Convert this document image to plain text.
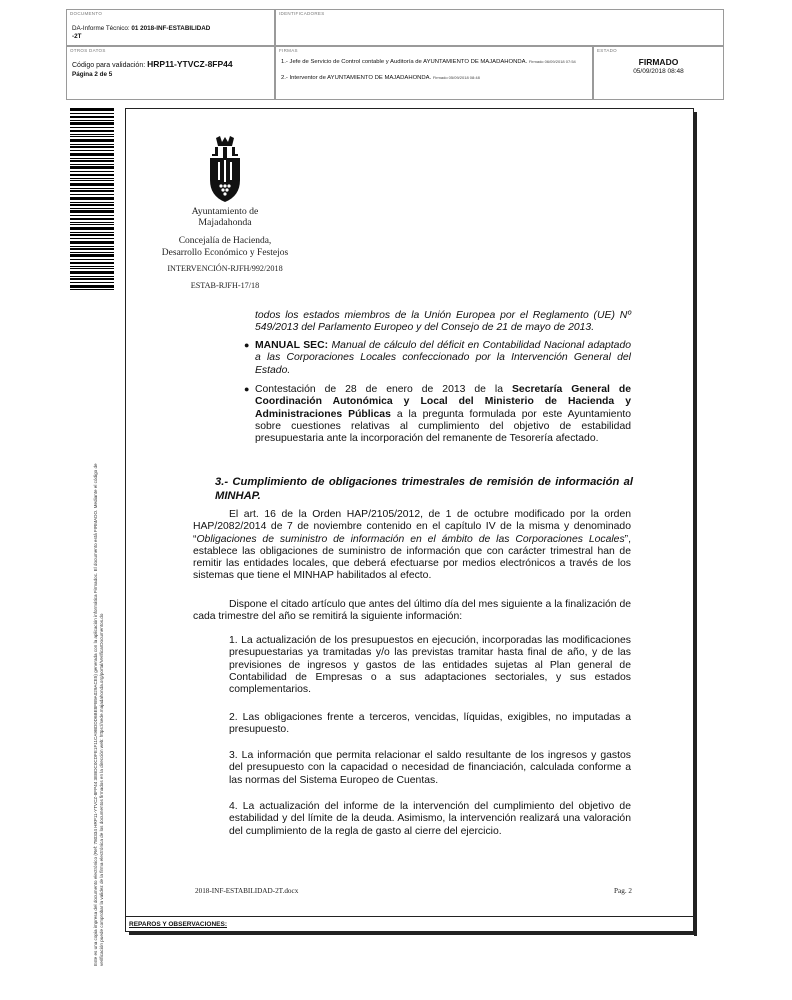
DOCUMENTO
DA-Informe Técnico: 01 2018-INF-ESTABILIDAD
-2T
IDENTIFICADORES
OTROS DATOS
Código para validación: HRP11-YTVCZ-8FP44
Página 2 de 5
FIRMAS
1.- Jefe de Servicio de Control contable y Auditoría de AYUNTAMIENTO DE MAJADAHONDA. Firmado 06/09/2018 07:54
2.- Interventor de AYUNTAMIENTO DE MAJADAHONDA. Firmado 05/09/2018 08:48
ESTADO
FIRMADO
05/09/2018 08:48
Este es una copia impresa del documento electrónico (Ref: 780334 HRP11-YTVCZ-8FP44 3EBDC0CDFE1F11CA9BDDD6BE8FB9A029ACE5) generada con la aplicación informática Firmadoc. El documento está FIRMADO. Mediante el código de verificación puede comprobar la validez de la firma electrónica de los documentos firmados en la dirección web: https://sede.majadahonda.org/portal/VerificarDocumentos.do
Ayuntamiento de
Majadahonda
Concejalía de Hacienda,
Desarrollo Económico y Festejos
INTERVENCIÓN-RJFH/992/2018
ESTAB-RJFH-17/18
todos los estados miembros de la Unión Europea por el Reglamento (UE) Nº 549/2013 del Parlamento Europeo y del Consejo de 21 de mayo de 2013.
● MANUAL SEC: Manual de cálculo del déficit en Contabilidad Nacional adaptado a las Corporaciones Locales confeccionado por la Intervención General del Estado.
● Contestación de 28 de enero de 2013 de la Secretaría General de Coordinación Autonómica y Local del Ministerio de Hacienda y Administraciones Públicas a la pregunta formulada por este Ayuntamiento sobre cuestiones relativas al cumplimiento del objetivo de estabilidad presupuestaria ante la incorporación del remanente de Tesorería afectado.
3.- Cumplimiento de obligaciones trimestrales de remisión de información al MINHAP.
El art. 16 de la Orden HAP/2105/2012, de 1 de octubre modificado por la orden HAP/2082/2014 de 7 de noviembre contenido en el capítulo IV de la misma y denominado “Obligaciones de suministro de información en el ámbito de las Corporaciones Locales”, establece las obligaciones de suministro de información que con carácter trimestral han de remitir las entidades locales, que deberá efectuarse por medios electrónicos a través de los sistemas que tiene el MINHAP habilitados al efecto.
Dispone el citado artículo que antes del último día del mes siguiente a la finalización de cada trimestre del año se remitirá la siguiente información:
1. La actualización de los presupuestos en ejecución, incorporadas las modificaciones presupuestarias ya tramitadas y/o las previstas tramitar hasta final de año, y de las previsiones de ingresos y gastos de las entidades sujetas al Plan general de Contabilidad de Empresas o a sus adaptaciones sectoriales, y sus estados complementarios.
2. Las obligaciones frente a terceros, vencidas, líquidas, exigibles, no imputadas a presupuesto.
3. La información que permita relacionar el saldo resultante de los ingresos y gastos del presupuesto con la capacidad o necesidad de financiación, calculada conforme a las normas del Sistema Europeo de Cuentas.
4. La actualización del informe de la intervención del cumplimiento del objetivo de estabilidad y del límite de la deuda. Asimismo, la intervención realizará una valoración del cumplimiento de la regla de gasto al cierre del ejercicio.
2018-INF-ESTABILIDAD-2T.docx	Pag. 2
REPAROS Y OBSERVACIONES:
